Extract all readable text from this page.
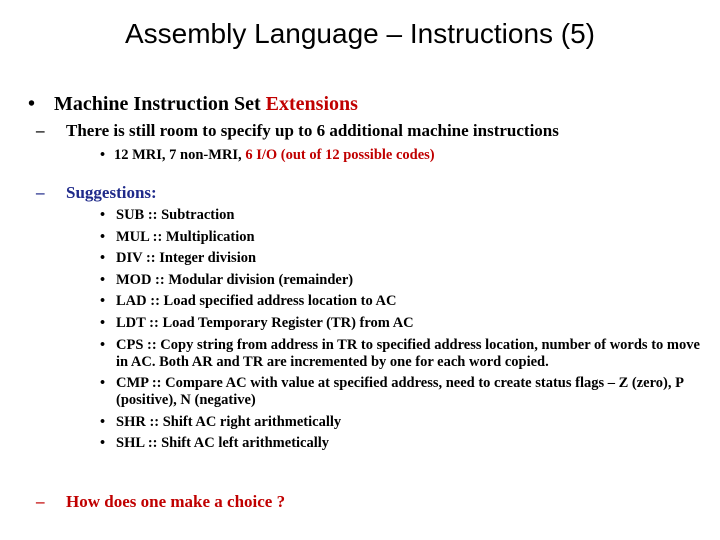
Assembly Language – Instructions (5)
• Machine Instruction Set Extensions
– There is still room to specify up to 6 additional machine instructions
• 12 MRI, 7 non-MRI, 6 I/O (out of 12 possible codes)
– Suggestions:
• SUB :: Subtraction
• MUL :: Multiplication
• DIV :: Integer division
• MOD :: Modular division (remainder)
• LAD :: Load specified address location to AC
• LDT :: Load Temporary Register (TR) from AC
• CPS :: Copy string from address in TR to specified address location, number of words to move in AC. Both AR and TR are incremented by one for each word copied.
• CMP :: Compare AC with value at specified address, need to create status flags – Z (zero), P (positive), N (negative)
• SHR :: Shift AC right arithmetically
• SHL :: Shift AC left arithmetically
– How does one make a choice ?
